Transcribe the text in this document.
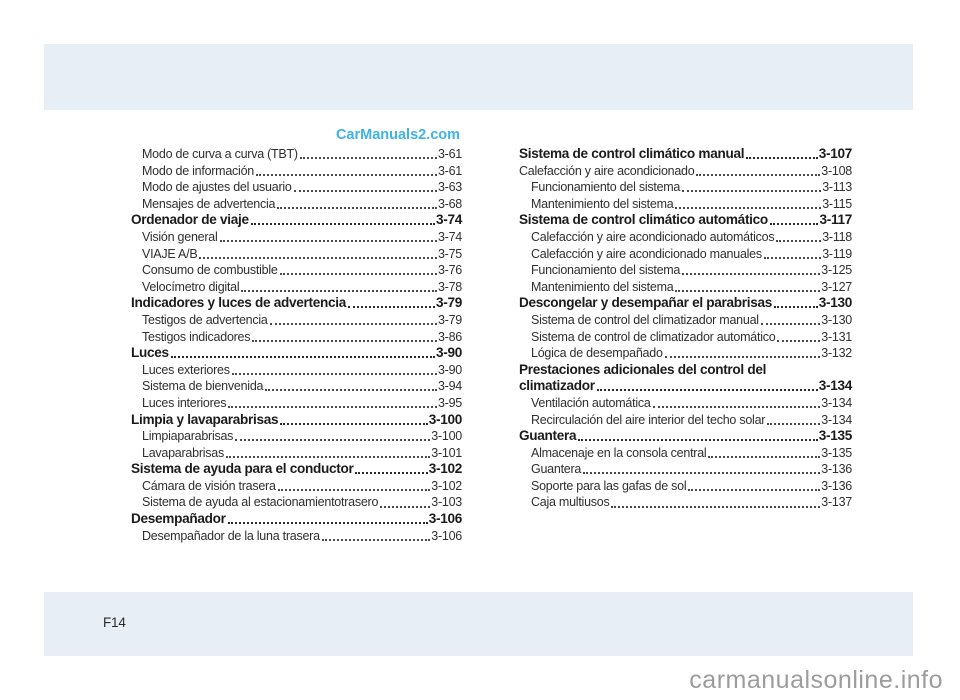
CarManuals2.com
Modo de curva a curva (TBT)	3-61
Modo de información	3-61
Modo de ajustes del usuario	3-63
Mensajes de advertencia	3-68
Ordenador de viaje	3-74
Visión general	3-74
VIAJE A/B	3-75
Consumo de combustible	3-76
Velocímetro digital	3-78
Indicadores y luces de advertencia	3-79
Testigos de advertencia	3-79
Testigos indicadores	3-86
Luces	3-90
Luces exteriores	3-90
Sistema de bienvenida	3-94
Luces interiores	3-95
Limpia y lavaparabrisas	3-100
Limpiaparabrisas	3-100
Lavaparabrisas	3-101
Sistema de ayuda para el conductor	3-102
Cámara de visión trasera	3-102
Sistema de ayuda al estacionamientotrasero	3-103
Desempañador	3-106
Desempañador de la luna trasera	3-106
Sistema de control climático manual	3-107
Calefacción y aire acondicionado	3-108
Funcionamiento del sistema	3-113
Mantenimiento del sistema	3-115
Sistema de control climático automático	3-117
Calefacción y aire acondicionado automáticos	3-118
Calefacción y aire acondicionado manuales	3-119
Funcionamiento del sistema	3-125
Mantenimiento del sistema	3-127
Descongelar y desempañar el parabrisas	3-130
Sistema de control del climatizador manual	3-130
Sistema de control de climatizador automático	3-131
Lógica de desempañado	3-132
Prestaciones adicionales del control del
climatizador	3-134
Ventilación automática	3-134
Recirculación del aire interior del techo solar	3-134
Guantera	3-135
Almacenaje en la consola central	3-135
Guantera	3-136
Soporte para las gafas de sol	3-136
Caja multiusos	3-137
F14
carmanualsonline.info
